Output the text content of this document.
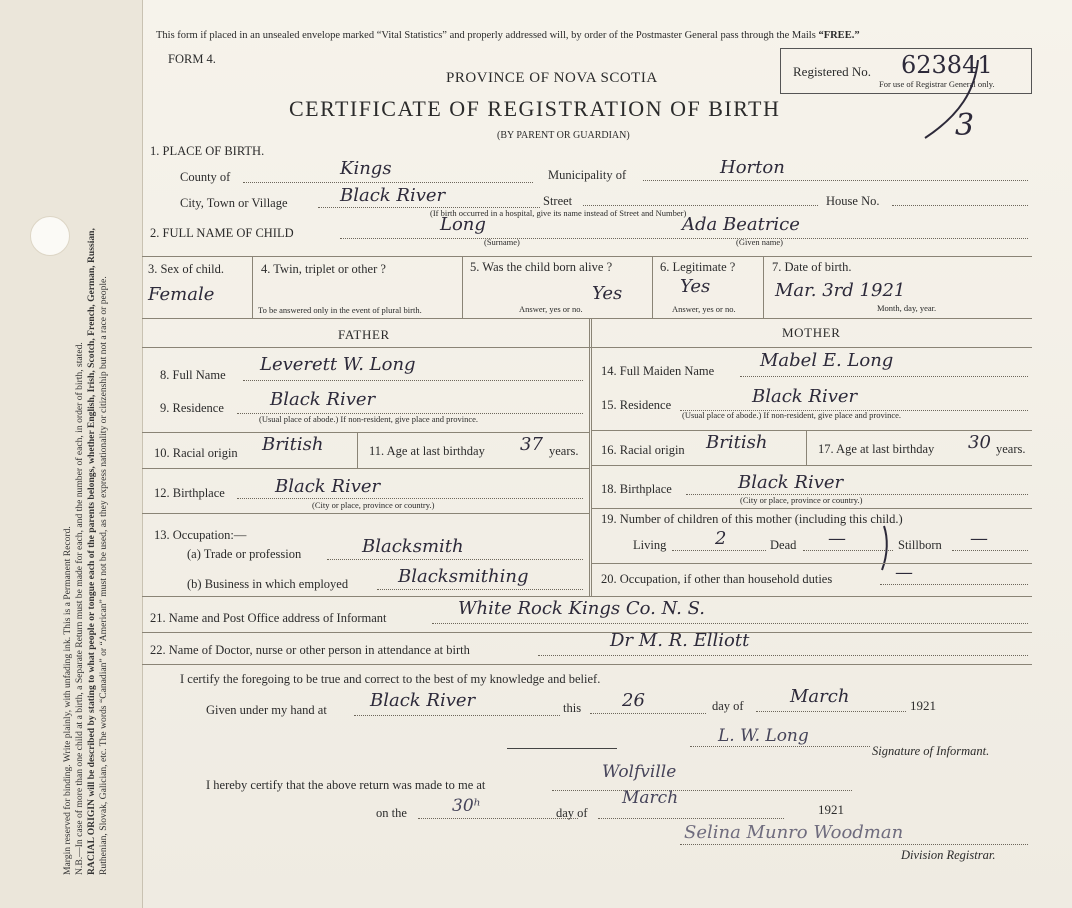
Margin reserved for binding. Write plainly, with unfading ink. This is a Permanent Record. N.B.—In case of more than one child at a birth, a Separate Return must be made for each, and the number of each, in order of birth, stated. RACIAL ORIGIN will be described by stating to what people or tongue each of the parents belongs, whether English, Irish, Scotch, French, German, Russian, Ruthenian, Slovak, Galician, etc. The words “Canadian” or “American” must not be used, as they express nationality or citizenship but not a race or people.
This form if placed in an unsealed envelope marked “Vital Statistics” and properly addressed will, by order of the Postmaster General pass through the Mails “FREE.”
FORM 4.
Registered No. 623841
For use of Registrar General only.
3
PROVINCE OF NOVA SCOTIA
CERTIFICATE OF REGISTRATION OF BIRTH
(BY PARENT OR GUARDIAN)
1. PLACE OF BIRTH.
County of	Kings	Municipality of	Horton
City, Town or Village	Black River	Street	House No.
(If birth occurred in a hospital, give its name instead of Street and Number)
2. FULL NAME OF CHILD	Long
(Surname)
Ada Beatrice
(Given name)
3. Sex of child.
Female
4. Twin, triplet or other ?
To be answered only in the event of plural birth.
5. Was the child born alive ?
Yes
Answer, yes or no.
6. Legitimate ?
Yes
Answer, yes or no.
7. Date of birth.
Mar. 3rd 1921
Month, day, year.
FATHER	MOTHER
8. Full Name Leverett W. Long
9. Residence	Black River
(Usual place of abode.) If non-resident, give place and province.
10. Racial origin British	11. Age at last birthday 37 years.
12. Birthplace	Black River
(City or place, province or country.)
13. Occupation:—
(a) Trade or profession	Blacksmith
(b) Business in which employed	Blacksmithing
14. Full Maiden Name	Mabel E. Long
15. Residence	Black River
(Usual place of abode.) If non-resident, give place and province.
16. Racial origin British	17. Age at last birthday 30 years.
18. Birthplace	Black River
(City or place, province or country.)
19. Number of children of this mother (including this child.)
Living	2	Dead —	Stillborn —
20. Occupation, if other than household duties	—
21. Name and Post Office address of Informant	White Rock Kings Co. N. S.
22. Name of Doctor, nurse or other person in attendance at birth	Dr M. R. Elliott
I certify the foregoing to be true and correct to the best of my knowledge and belief.
Given under my hand at Black River	this 26	day of	March	1921
L. W. Long
Signature of Informant.
I hereby certify that the above return was made to me at
Wolfville
on the	30ʰ	day of
March
1921
Selina Munro Woodman
Division Registrar.
